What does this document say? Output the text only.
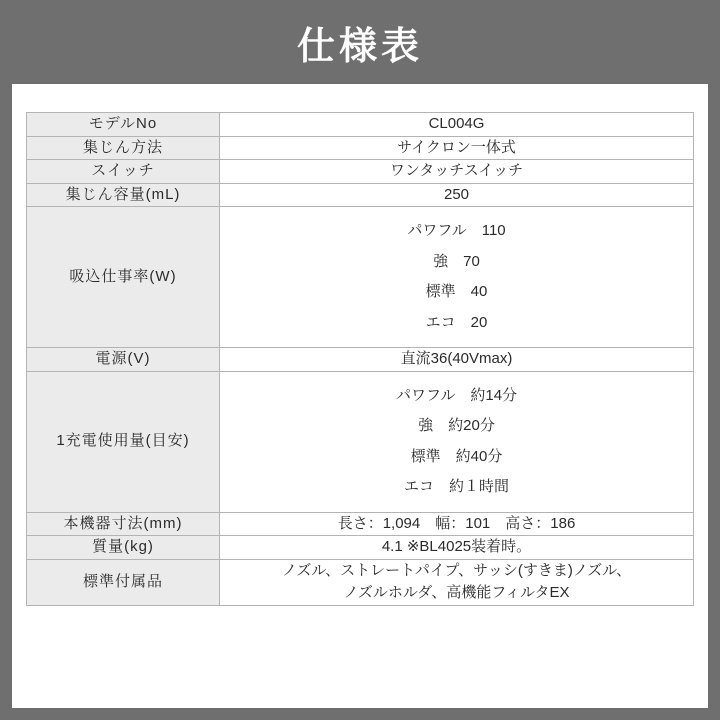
仕様表
モデルNo	CL004G
集じん方法	サイクロン一体式
スイッチ	ワンタッチスイッチ
集じん容量(mL)	250
吸込仕事率(W)	パワフル　110
強　70
標準　40
エコ　20

電源(V)	直流36(40Vmax)
1充電使用量(目安)	パワフル　約14分
強　約20分
標準　約40分
エコ　約１時間

本機器寸法(mm)	長さ：1,094　幅：101　高さ：186
質量(kg)	4.1 ※BL4025装着時。
標準付属品	ノズル、ストレートパイプ、サッシ(すきま)ノズル、
ノズルホルダ、高機能フィルタEX
